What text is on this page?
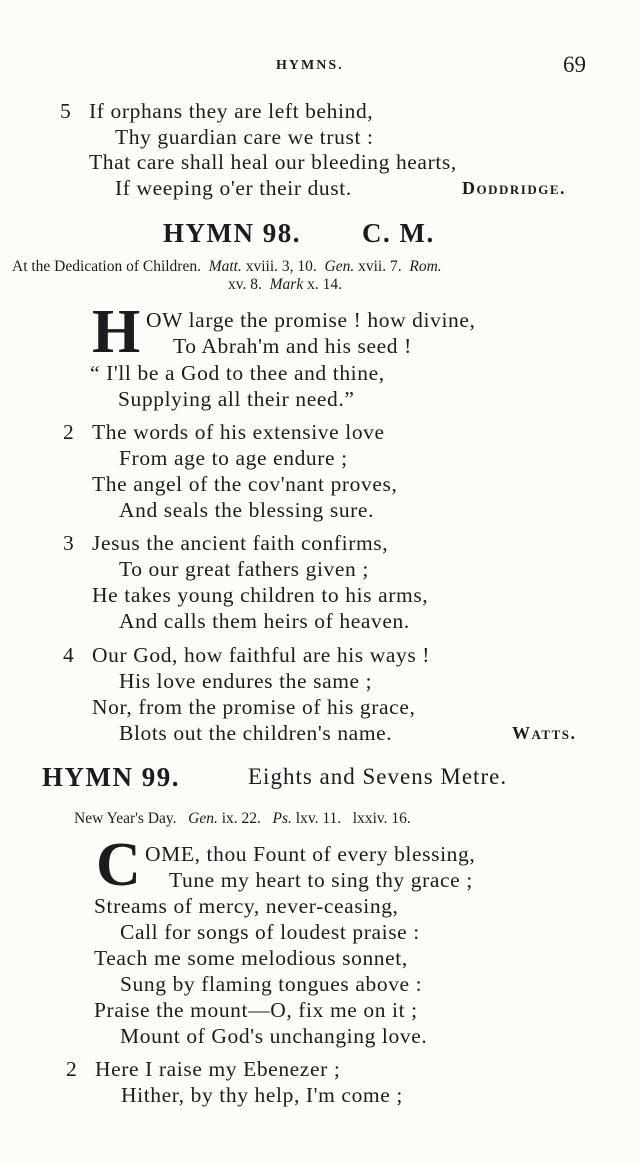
HYMNS.	69
5 If orphans they are left behind,
Thy guardian care we trust :
That care shall heal our bleeding hearts,
If weeping o'er their dust.	Doddridge.
HYMN 98. C. M.
At the Dedication of Children. Matt. xviii. 3, 10. Gen. xvii. 7. Rom.
xv. 8. Mark x. 14.
H OW large the promise ! how divine,
To Abrah'm and his seed !
“ I'll be a God to thee and thine,
Supplying all their need.”
2 The words of his extensive love
From age to age endure ;
The angel of the cov'nant proves,
And seals the blessing sure.
3 Jesus the ancient faith confirms,
To our great fathers given ;
He takes young children to his arms,
And calls them heirs of heaven.
4 Our God, how faithful are his ways !
His love endures the same ;
Nor, from the promise of his grace,
Blots out the children's name.	Watts.
HYMN 99.	Eights and Sevens Metre.
New Year's Day. Gen. ix. 22. Ps. lxv. 11. lxxiv. 16.
C OME, thou Fount of every blessing,
Tune my heart to sing thy grace ;
Streams of mercy, never-ceasing,
Call for songs of loudest praise :
Teach me some melodious sonnet,
Sung by flaming tongues above :
Praise the mount—O, fix me on it ;
Mount of God's unchanging love.
2 Here I raise my Ebenezer ;
Hither, by thy help, I'm come ;
